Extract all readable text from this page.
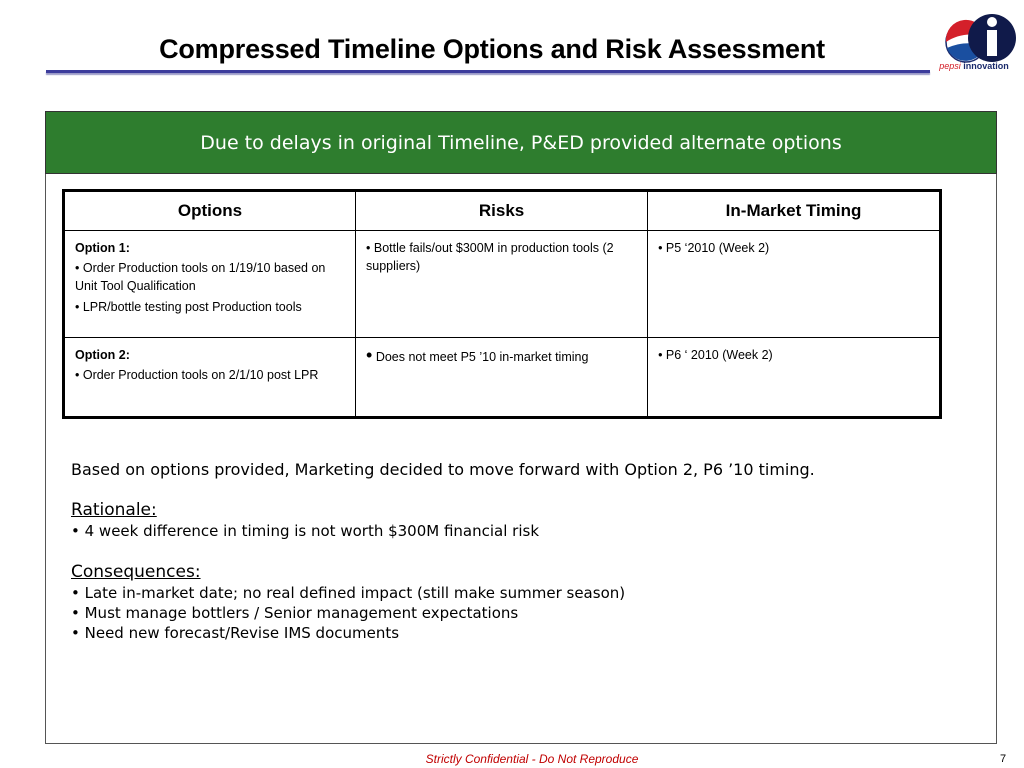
Compressed Timeline Options and Risk Assessment
pepsi innovation
Due to delays in original Timeline, P&ED provided alternate options
Options	Risks	In-Market Timing

Option 1:
• Order Production tools on 1/19/10 based on Unit Tool Qualification
• LPR/bottle testing post Production tools	• Bottle fails/out $300M in production tools (2 suppliers)	• P5 ‘2010 (Week 2)

Option 2:
• Order Production tools on 2/1/10 post LPR	• Does not meet P5 ’10 in-market timing	• P6 ‘ 2010 (Week 2)

Based on options provided, Marketing decided to move forward with Option 2, P6 ’10 timing.

Rationale:

• 4 week difference in timing is not worth $300M financial risk

Consequences:

• Late in-market date; no real defined impact (still make summer season)

• Must manage bottlers / Senior management expectations

• Need new forecast/Revise IMS documents

Strictly Confidential - Do Not Reproduce	7
